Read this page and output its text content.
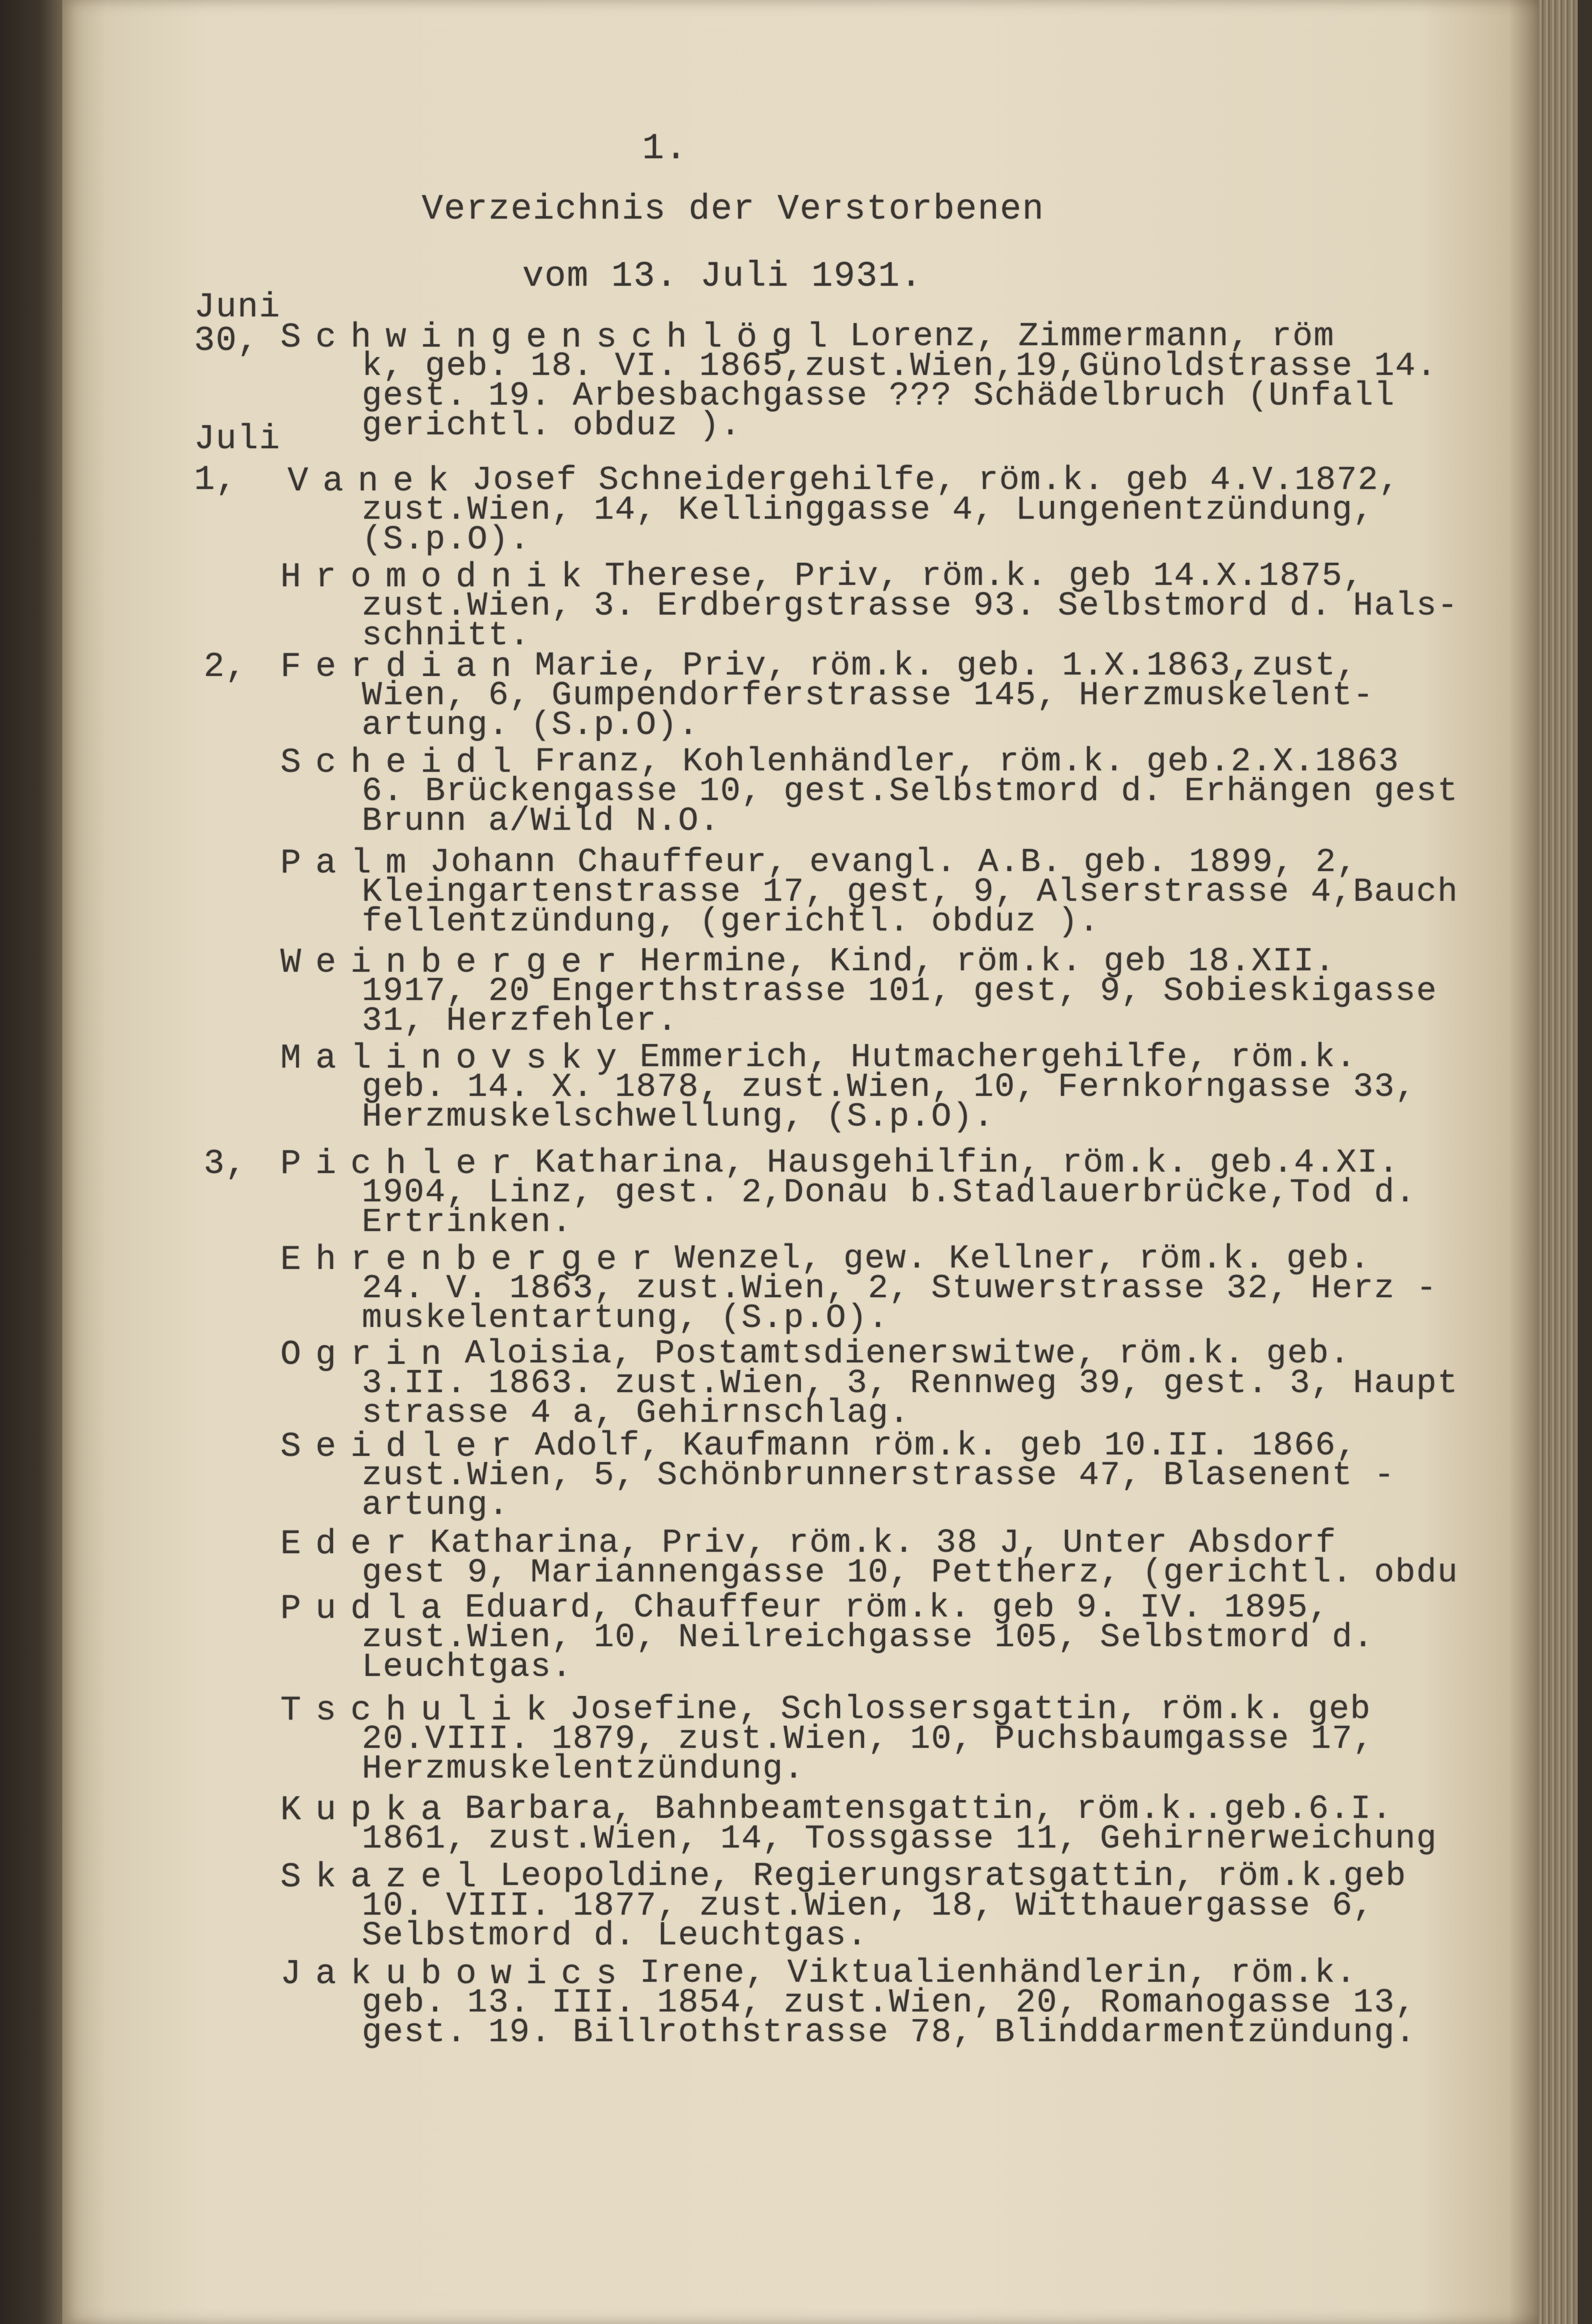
1.
Verzeichnis der Verstorbenen
vom 13. Juli 1931.
Juni
30,
Juli
1,
2,
3,
Schwingenschlögl Lorenz, Zimmermann, röm
k, geb. 18. VI. 1865,zust.Wien,19,Günoldstrasse 14.
gest. 19. Arbesbachgasse ??? Schädelbruch (Unfall
gerichtl. obduz ).
Vanek Josef Schneidergehilfe, röm.k. geb 4.V.1872,
zust.Wien, 14, Kellinggasse 4, Lungenentzündung,
(S.p.O).
Hromodnik Therese, Priv, röm.k. geb 14.X.1875,
zust.Wien, 3. Erdbergstrasse 93. Selbstmord d. Hals-
schnitt.
Ferdian Marie, Priv, röm.k. geb. 1.X.1863,zust,
Wien, 6, Gumpendorferstrasse 145, Herzmuskelent-
artung. (S.p.O).
Scheidl Franz, Kohlenhändler, röm.k. geb.2.X.1863
6. Brückengasse 10, gest.Selbstmord d. Erhängen gest
Brunn a/Wild N.O.
Palm Johann Chauffeur, evangl. A.B. geb. 1899, 2,
Kleingartenstrasse 17, gest, 9, Alserstrasse 4,Bauch
fellentzündung, (gerichtl. obduz ).
Weinberger Hermine, Kind, röm.k. geb 18.XII.
1917, 20 Engerthstrasse 101, gest, 9, Sobieskigasse
31, Herzfehler.
Malinovsky Emmerich, Hutmachergehilfe, röm.k.
geb. 14. X. 1878, zust.Wien, 10, Fernkorngasse 33,
Herzmuskelschwellung, (S.p.O).
Pichler Katharina, Hausgehilfin, röm.k. geb.4.XI.
1904, Linz, gest. 2,Donau b.Stadlauerbrücke,Tod d.
Ertrinken.
Ehrenberger Wenzel, gew. Kellner, röm.k. geb.
24. V. 1863, zust.Wien, 2, Stuwerstrasse 32, Herz -
muskelentartung, (S.p.O).
Ogrin Aloisia, Postamtsdienerswitwe, röm.k. geb.
3.II. 1863. zust.Wien, 3, Rennweg 39, gest. 3, Haupt
strasse 4 a, Gehirnschlag.
Seidler Adolf, Kaufmann röm.k. geb 10.II. 1866,
zust.Wien, 5, Schönbrunnerstrasse 47, Blasenent -
artung.
Eder Katharina, Priv, röm.k. 38 J, Unter Absdorf
gest 9, Mariannengasse 10, Pettherz, (gerichtl. obdu
Pudla Eduard, Chauffeur röm.k. geb 9. IV. 1895,
zust.Wien, 10, Neilreichgasse 105, Selbstmord d.
Leuchtgas.
Tschulik Josefine, Schlossersgattin, röm.k. geb
20.VIII. 1879, zust.Wien, 10, Puchsbaumgasse 17,
Herzmuskelentzündung.
Kupka Barbara, Bahnbeamtensgattin, röm.k..geb.6.I.
1861, zust.Wien, 14, Tossgasse 11, Gehirnerweichung
Skazel Leopoldine, Regierungsratsgattin, röm.k.geb
10. VIII. 1877, zust.Wien, 18, Witthauergasse 6,
Selbstmord d. Leuchtgas.
Jakubowics Irene, Viktualienhändlerin, röm.k.
geb. 13. III. 1854, zust.Wien, 20, Romanogasse 13,
gest. 19. Billrothstrasse 78, Blinddarmentzündung.
